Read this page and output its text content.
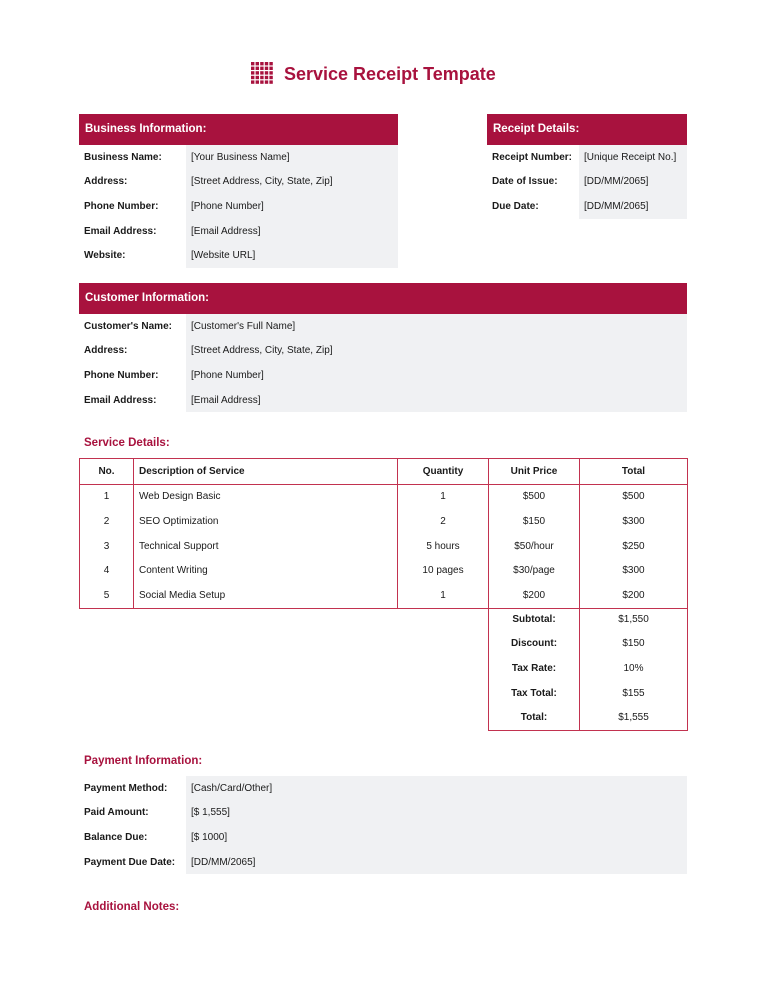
Service Receipt Tempate
Business Information:
Business Name:	[Your Business Name]
Address:	[Street Address, City, State, Zip]
Phone Number:	[Phone Number]
Email Address:	[Email Address]
Website:	[Website URL]
Receipt Details:
Receipt Number:	[Unique Receipt No.]
Date of Issue:	[DD/MM/2065]
Due Date:	[DD/MM/2065]
Customer Information:
Customer's Name:	[Customer's Full Name]
Address:	[Street Address, City, State, Zip]
Phone Number:	[Phone Number]
Email Address:	[Email Address]
Service Details:
No.	Description of Service	Quantity	Unit Price	Total
1	Web Design Basic	1	$500	$500
2	SEO Optimization	2	$150	$300
3	Technical Support	5 hours	$50/hour	$250
4	Content Writing	10 pages	$30/page	$300
5	Social Media Setup	1	$200	$200
Subtotal:	$1,550
Discount:	$150
Tax Rate:	10%
Tax Total:	$155
Total:	$1,555
Payment Information:
Payment Method:	[Cash/Card/Other]
Paid Amount:	[$ 1,555]
Balance Due:	[$ 1000]
Payment Due Date:	[DD/MM/2065]
Additional Notes:
